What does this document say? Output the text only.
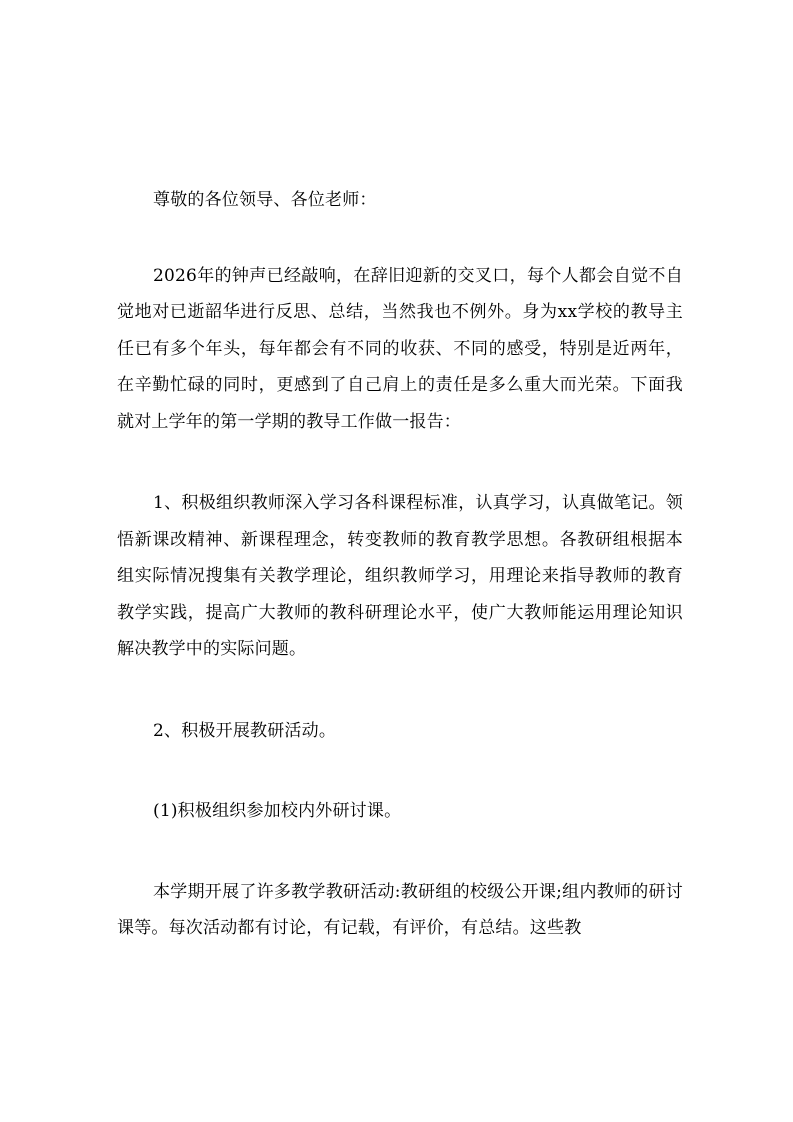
尊敬的各位领导、各位老师：

2026年的钟声已经敲响，在辞旧迎新的交叉口，每个人都会自觉不自觉地对已逝韶华进行反思、总结，当然我也不例外。身为xx学校的教导主任已有多个年头，每年都会有不同的收获、不同的感受，特别是近两年，在辛勤忙碌的同时，更感到了自己肩上的责任是多么重大而光荣。下面我就对上学年的第一学期的教导工作做一报告：

1、积极组织教师深入学习各科课程标准，认真学习，认真做笔记。领悟新课改精神、新课程理念，转变教师的教育教学思想。各教研组根据本组实际情况搜集有关教学理论，组织教师学习，用理论来指导教师的教育教学实践，提高广大教师的教科研理论水平，使广大教师能运用理论知识解决教学中的实际问题。

2、积极开展教研活动。

(1)积极组织参加校内外研讨课。

本学期开展了许多教学教研活动:教研组的校级公开课;组内教师的研讨课等。每次活动都有讨论，有记载，有评价，有总结。这些教
